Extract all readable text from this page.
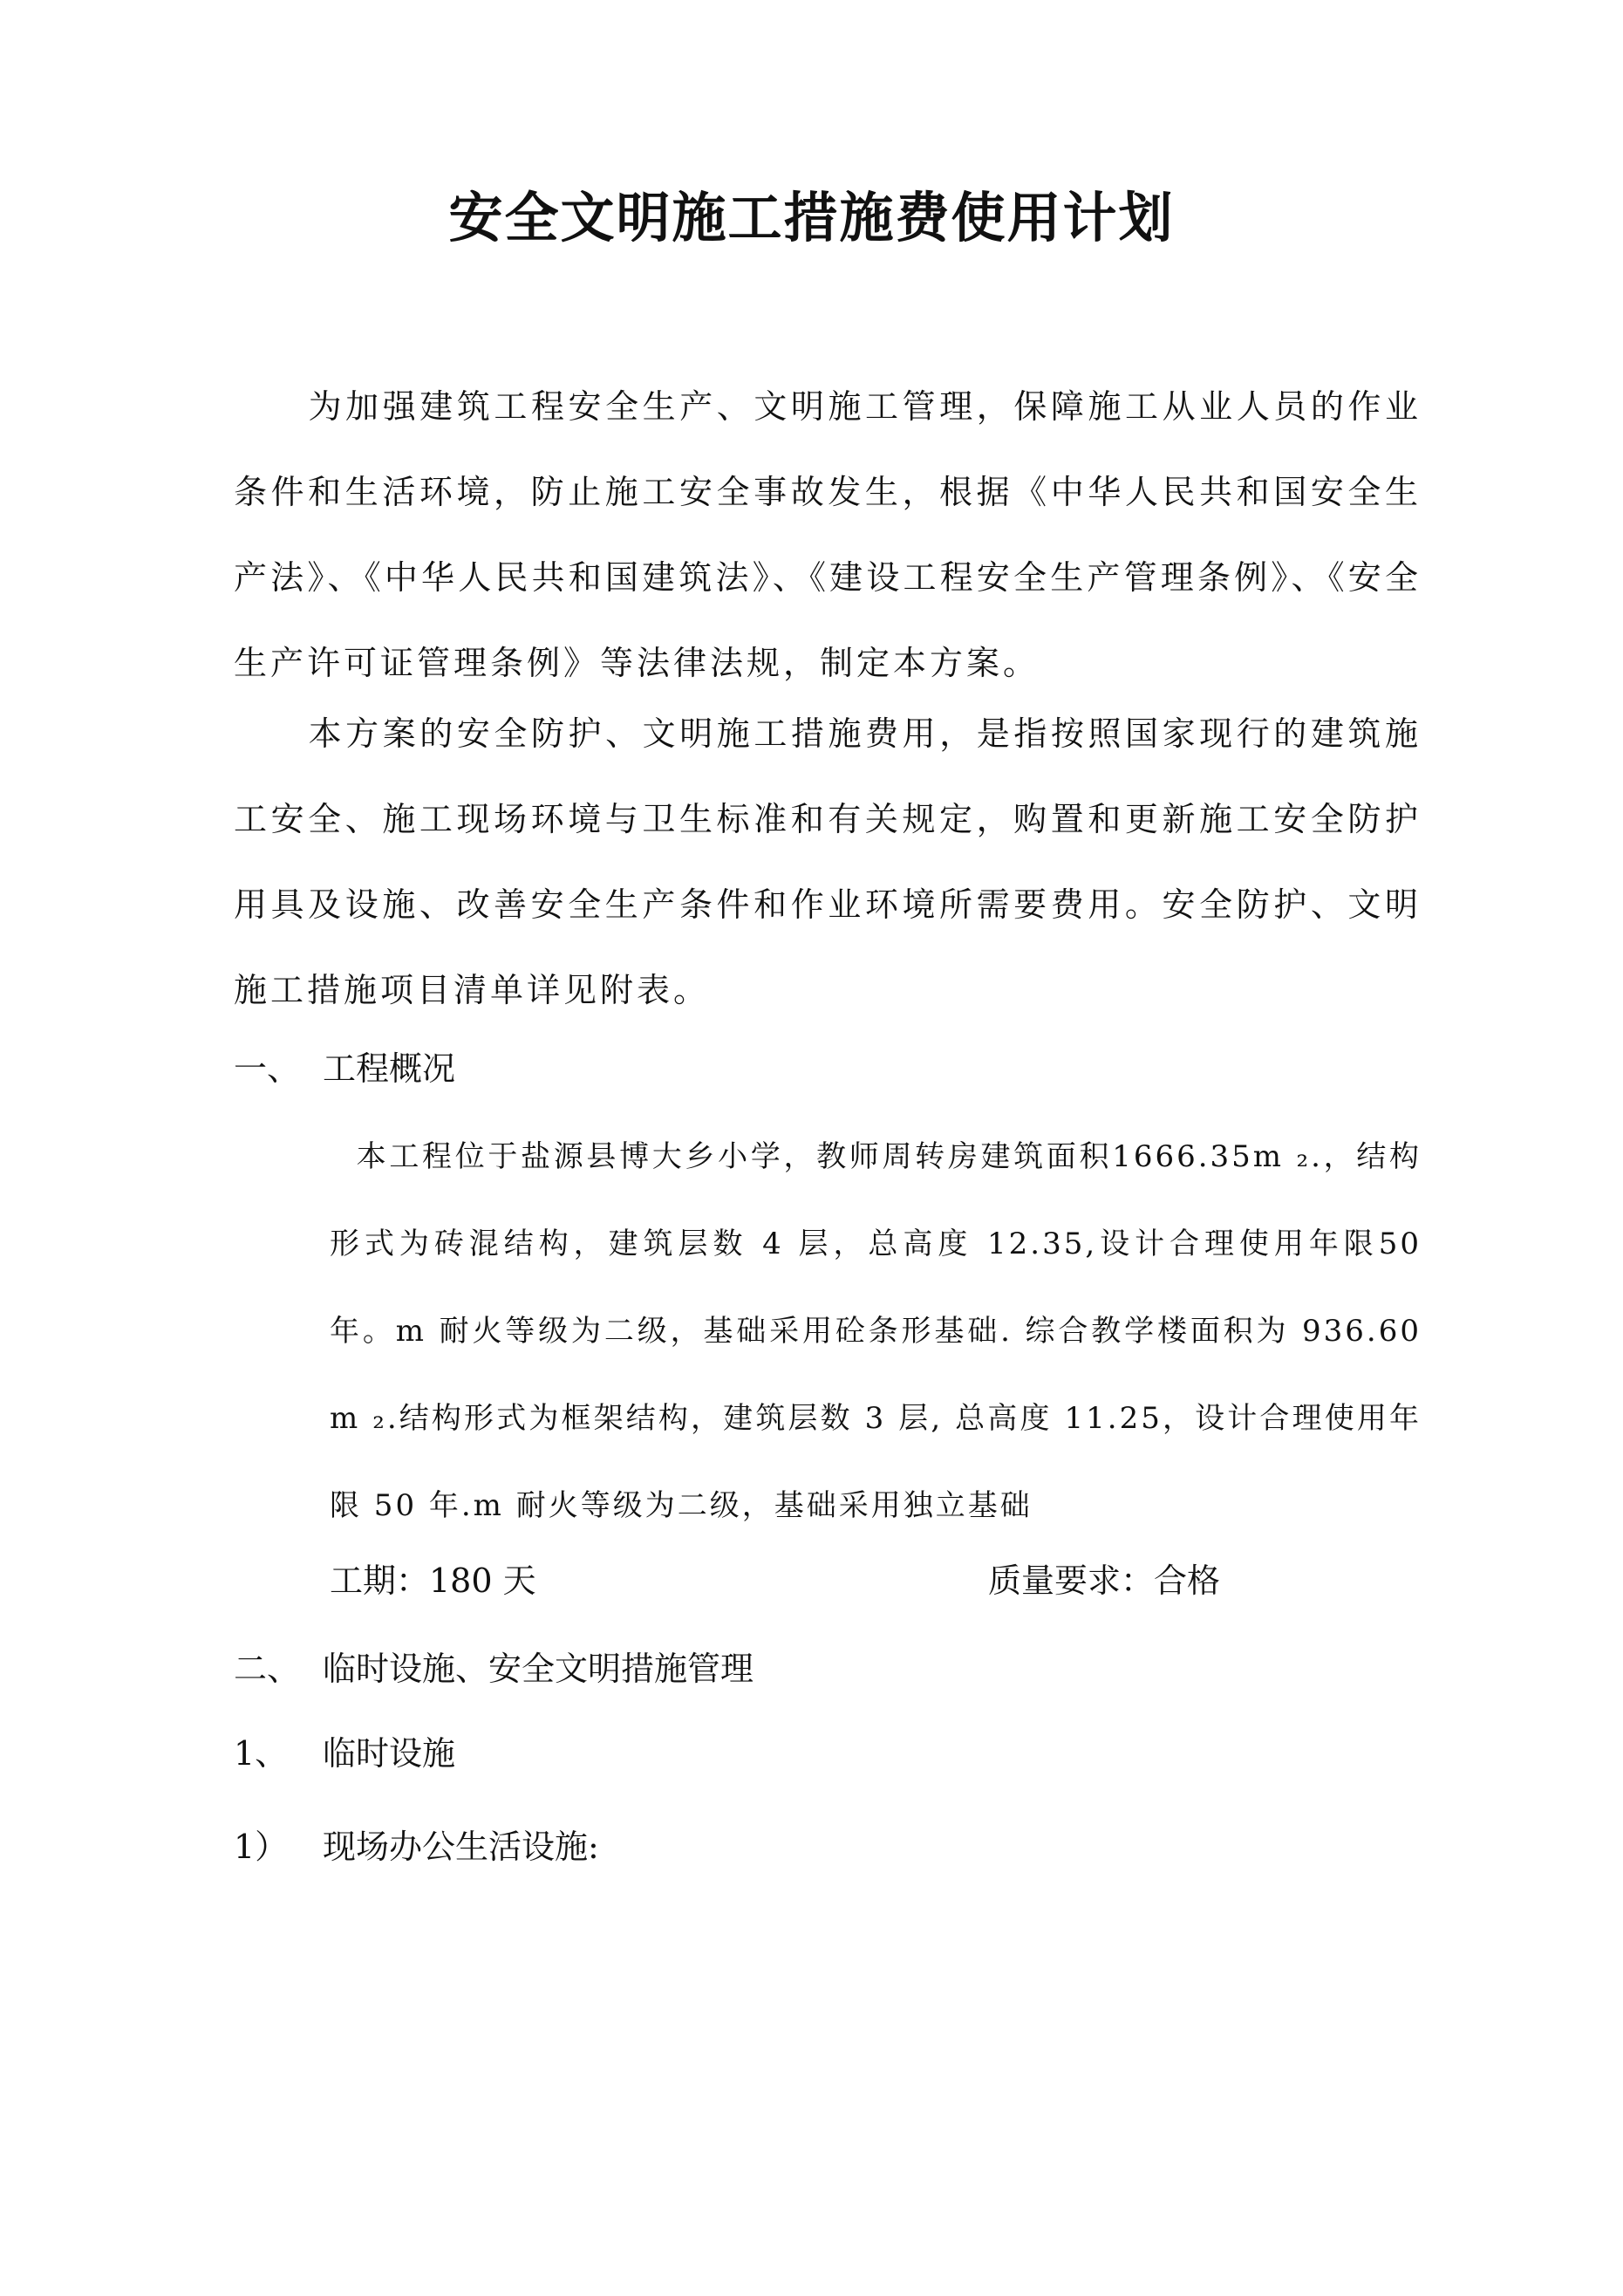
安全文明施工措施费使用计划

为加强建筑工程安全生产、文明施工管理，保障施工从业人员的作业条件和生活环境，防止施工安全事故发生，根据《中华人民共和国安全生产法》、《中华人民共和国建筑法》、《建设工程安全生产管理条例》、《安全生产许可证管理条例》等法律法规，制定本方案。

本方案的安全防护、文明施工措施费用，是指按照国家现行的建筑施工安全、施工现场环境与卫生标准和有关规定，购置和更新施工安全防护用具及设施、改善安全生产条件和作业环境所需要费用。安全防护、文明施工措施项目清单详见附表。

一、 工程概况

本工程位于盐源县博大乡小学，教师周转房建筑面积1666.35m ₂.，结构形式为砖混结构，建筑层数 4 层，总高度 12.35,设计合理使用年限50 年。m 耐火等级为二级，基础采用砼条形基础. 综合教学楼面积为 936.60 m ₂.结构形式为框架结构，建筑层数 3 层, 总高度 11.25，设计合理使用年限 50 年.m 耐火等级为二级，基础采用独立基础

工期：180 天	质量要求：合格
二、 临时设施、安全文明措施管理
1、 临时设施
1） 现场办公生活设施:
